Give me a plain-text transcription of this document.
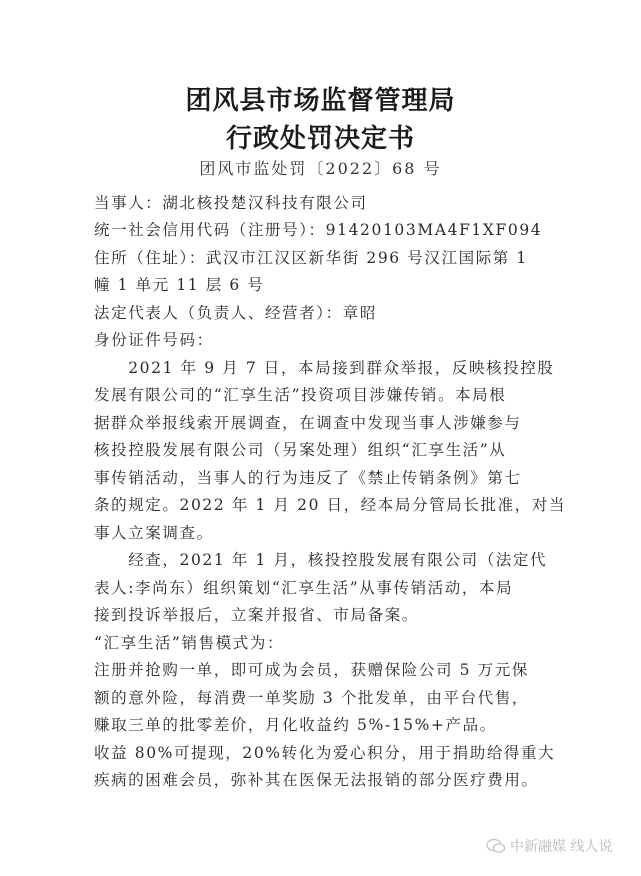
团风县市场监督管理局
行政处罚决定书
团风市监处罚〔2022〕68 号
当事人：湖北核投楚汉科技有限公司
统一社会信用代码（注册号）：91420103MA4F1XF094
住所（住址）：武汉市江汉区新华街 296 号汉江国际第 1
幢 1 单元 11 层 6 号
法定代表人（负责人、经营者）：章昭
身份证件号码：
　　2021 年 9 月 7 日，本局接到群众举报，反映核投控股
发展有限公司的“汇享生活”投资项目涉嫌传销。本局根
据群众举报线索开展调查，在调查中发现当事人涉嫌参与
核投控股发展有限公司（另案处理）组织“汇享生活”从
事传销活动，当事人的行为违反了《禁止传销条例》第七
条的规定。2022 年 1 月 20 日，经本局分管局长批准，对当
事人立案调查。
　　经查，2021 年 1 月，核投控股发展有限公司（法定代
表人:李尚东）组织策划“汇享生活”从事传销活动，本局
接到投诉举报后，立案并报省、市局备案。
“汇享生活”销售模式为：
注册并抢购一单，即可成为会员，获赠保险公司 5 万元保
额的意外险，每消费一单奖励 3 个批发单，由平台代售，
赚取三单的批零差价，月化收益约 5%-15%+产品。
收益 80%可提现，20%转化为爱心积分，用于捐助给得重大
疾病的困难会员，弥补其在医保无法报销的部分医疗费用。
中新融媒 线人说
